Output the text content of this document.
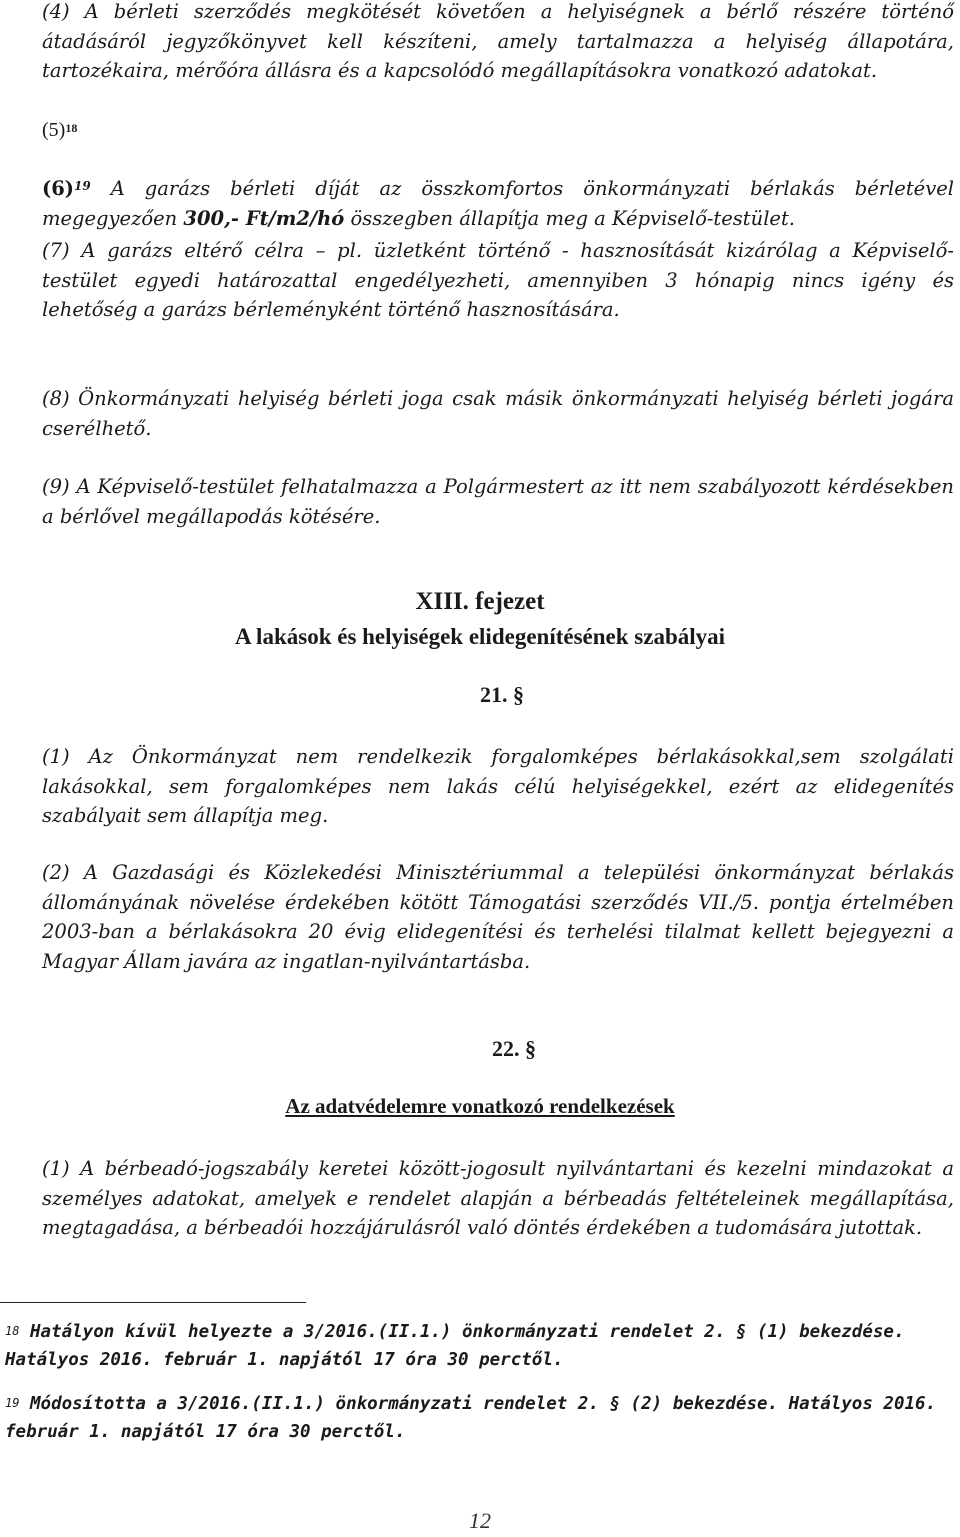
(4) A bérleti szerződés megkötését követően a helyiségnek a bérlő részére történő átadásáról jegyzőkönyvet kell készíteni, amely tartalmazza a helyiség állapotára, tartozékaira, mérőóra állásra és a kapcsolódó megállapításokra vonatkozó adatokat.

(5)$^{18}$

(6)$^{19}$ A garázs bérleti díját az összkomfortos önkormányzati bérlakás bérletével megegyezően 300,- Ft/m2/hó összegben állapítja meg a Képviselő-testület.

(7) A garázs eltérő célra – pl. üzletként történő - hasznosítását kizárólag a Képviselő-testület egyedi határozattal engedélyezheti, amennyiben 3 hónapig nincs igény és lehetőség a garázs bérleményként történő hasznosítására.

(8) Önkormányzati helyiség bérleti joga csak másik önkormányzati helyiség bérleti jogára cserélhető.

(9) A Képviselő-testület felhatalmazza a Polgármestert az itt nem szabályozott kérdésekben a bérlővel megállapodás kötésére.

XIII. fejezet

A lakások és helyiségek elidegenítésének szabályai

21. §

(1) Az Önkormányzat nem rendelkezik forgalomképes bérlakásokkal,sem szolgálati lakásokkal, sem forgalomképes nem lakás célú helyiségekkel, ezért az elidegenítés szabályait sem állapítja meg.

(2) A Gazdasági és Közlekedési Minisztériummal a települési önkormányzat bérlakás állományának növelése érdekében kötött Támogatási szerződés VII./5. pontja értelmében 2003-ban a bérlakásokra 20 évig elidegenítési és terhelési tilalmat kellett bejegyezni a Magyar Állam javára az ingatlan-nyilvántartásba.

22. §

Az adatvédelemre vonatkozó rendelkezések

(1) A bérbeadó-jogszabály keretei között-jogosult nyilvántartani és kezelni mindazokat a személyes adatokat, amelyek e rendelet alapján a bérbeadás feltételeinek megállapítása, megtagadása, a bérbeadói hozzájárulásról való döntés érdekében a tudomására jutottak.

$^{18}$ Hatályon kívül helyezte a 3/2016.(II.1.) önkormányzati rendelet 2. § (1) bekezdése. Hatályos 2016. február 1. napjától 17 óra 30 perctől.

$^{19}$ Módosította a 3/2016.(II.1.) önkormányzati rendelet 2. § (2) bekezdése. Hatályos 2016. február 1. napjától 17 óra 30 perctől.

12
